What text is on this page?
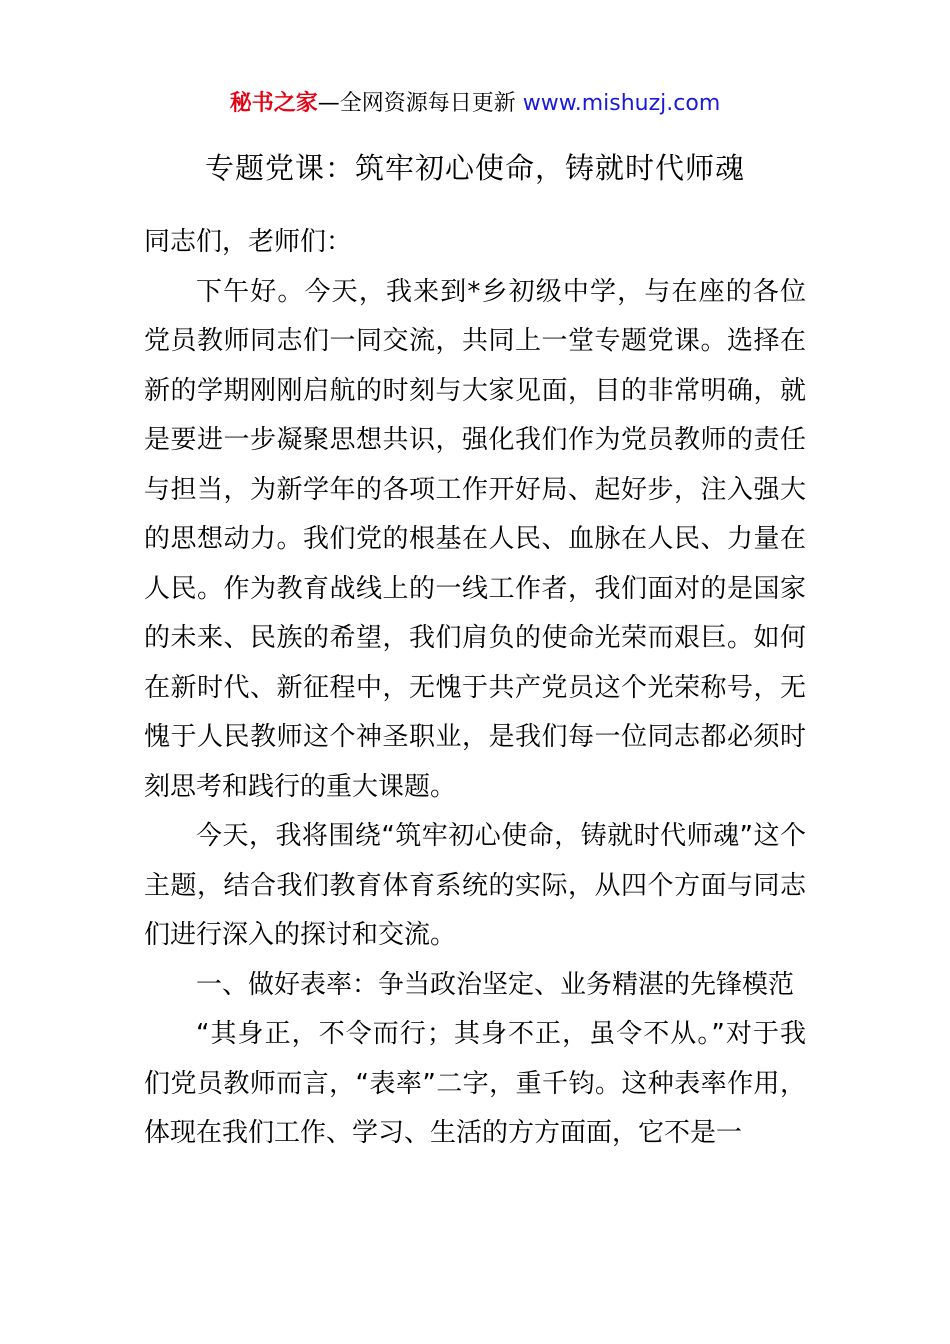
秘书之家—全网资源每日更新 www.mishuzj.com
专题党课：筑牢初心使命，铸就时代师魂

同志们，老师们：

下午好。今天，我来到*乡初级中学，与在座的各位党员教师同志们一同交流，共同上一堂专题党课。选择在新的学期刚刚启航的时刻与大家见面，目的非常明确，就是要进一步凝聚思想共识，强化我们作为党员教师的责任与担当，为新学年的各项工作开好局、起好步，注入强大的思想动力。我们党的根基在人民、血脉在人民、力量在人民。作为教育战线上的一线工作者，我们面对的是国家的未来、民族的希望，我们肩负的使命光荣而艰巨。如何在新时代、新征程中，无愧于共产党员这个光荣称号，无愧于人民教师这个神圣职业，是我们每一位同志都必须时刻思考和践行的重大课题。

今天，我将围绕“筑牢初心使命，铸就时代师魂”这个主题，结合我们教育体育系统的实际，从四个方面与同志们进行深入的探讨和交流。

一、做好表率：争当政治坚定、业务精湛的先锋模范

“其身正，不令而行；其身不正，虽令不从。”对于我们党员教师而言，“表率”二字，重千钧。这种表率作用，体现在我们工作、学习、生活的方方面面，它不是一
